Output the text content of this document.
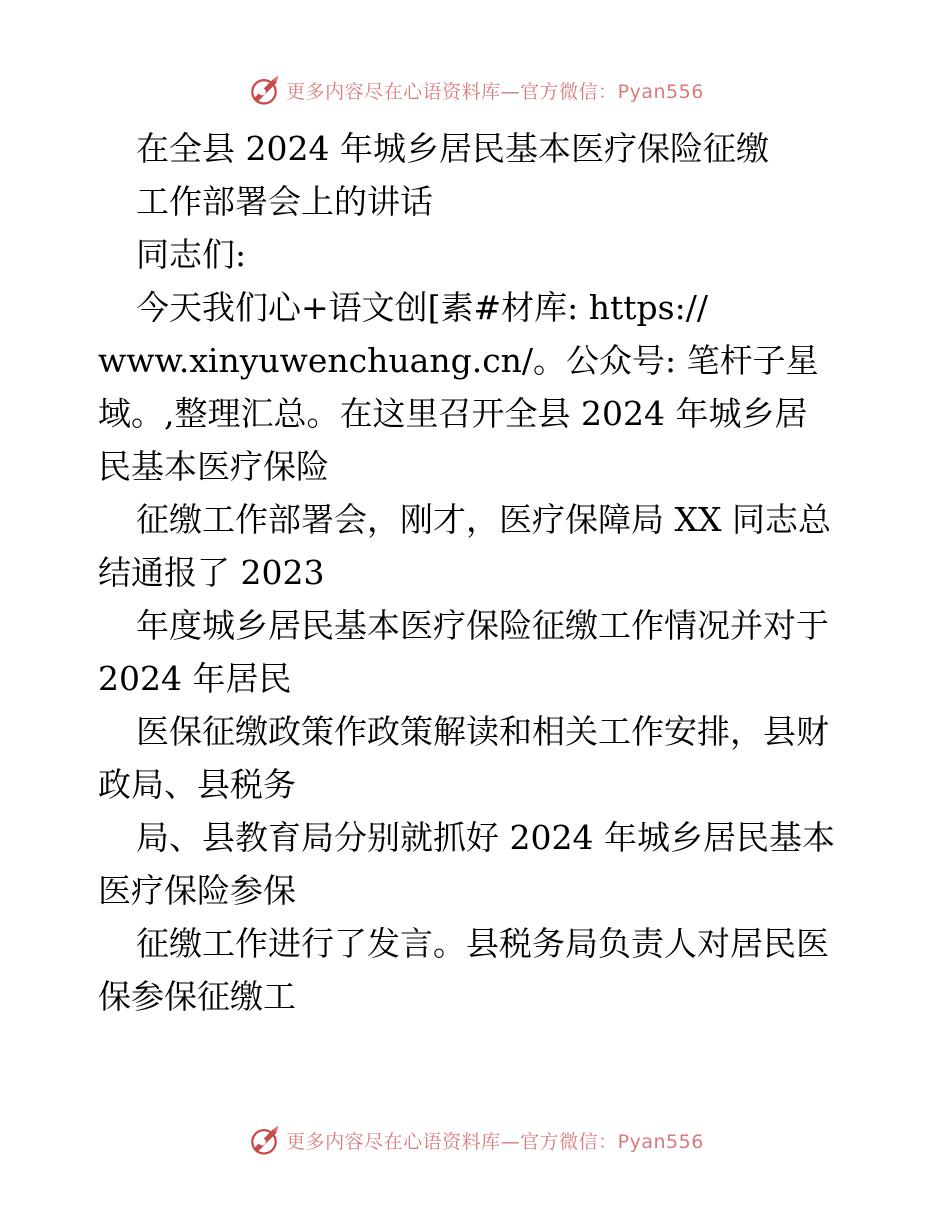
更多内容尽在心语资料库—官方微信：Pyan556
在全县 2024 年城乡居民基本医疗保险征缴
工作部署会上的讲话
同志们:
今天我们心+语文创[素#材库: https://
www.xinyuwenchuang.cn/。公众号: 笔杆子星
域。,整理汇总。在这里召开全县 2024 年城乡居
民基本医疗保险
征缴工作部署会，刚才，医疗保障局 XX 同志总
结通报了 2023
年度城乡居民基本医疗保险征缴工作情况并对于
2024 年居民
医保征缴政策作政策解读和相关工作安排，县财
政局、县税务
局、县教育局分别就抓好 2024 年城乡居民基本
医疗保险参保
征缴工作进行了发言。县税务局负责人对居民医
保参保征缴工
更多内容尽在心语资料库—官方微信：Pyan556
